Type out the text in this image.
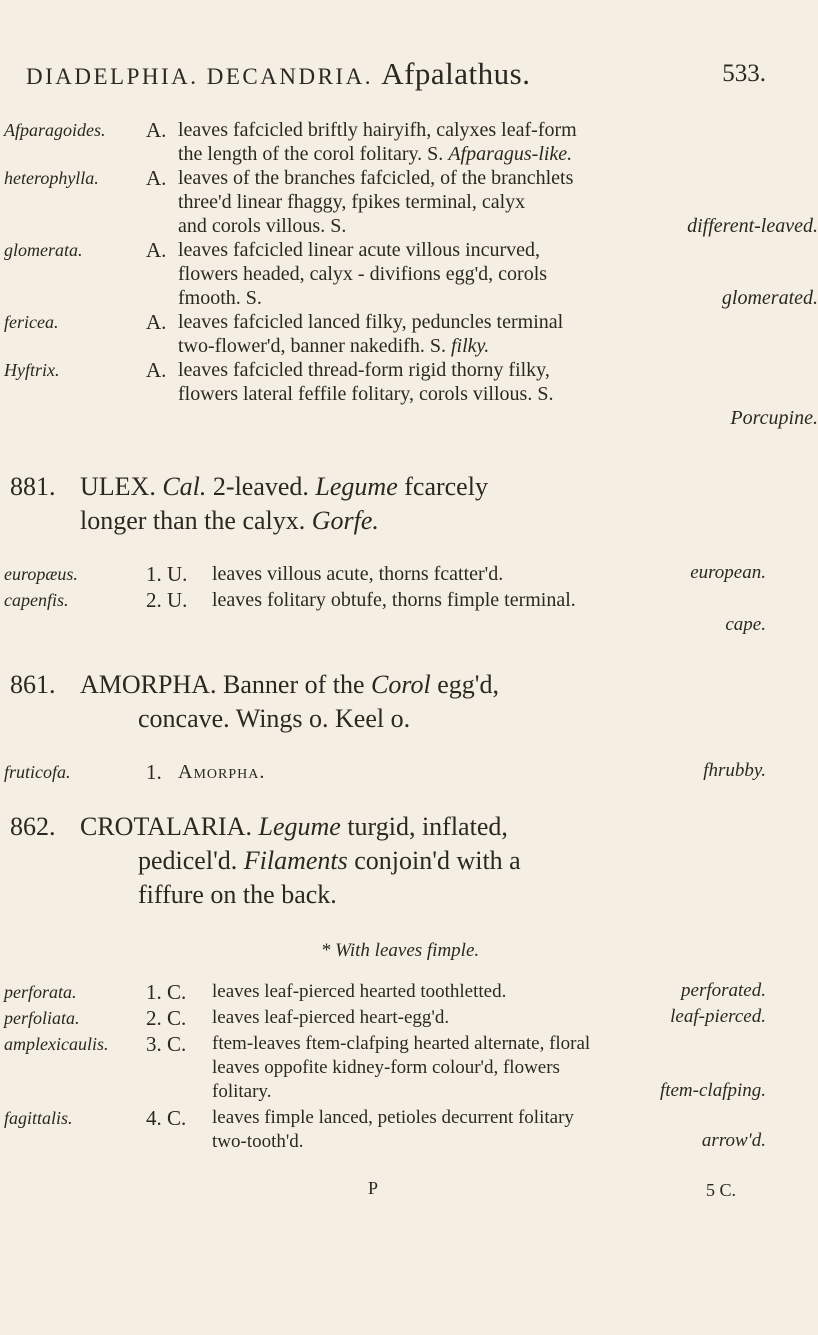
DIADELPHIA. DECANDRIA. Afpalathus.	533.
Afparagoides. A. leaves fafcicled briftly hairyifh, calyxes leaf-form
the length of the corol folitary. S. Afparagus-like.
heterophylla. A. leaves of the branches fafcicled, of the branchlets
three'd linear fhaggy, fpikes terminal, calyx
and corols villous. S.	different-leaved.
glomerata.	A. leaves fafcicled linear acute villous incurved,
flowers headed, calyx - divifions egg'd, corols
fmooth. S.	glomerated.
fericea.	A. leaves fafcicled lanced filky, peduncles terminal
two-flower'd, banner nakedifh. S. filky.
Hyftrix.	A. leaves fafcicled thread-form rigid thorny filky,
flowers lateral feffile folitary, corols villous. S.
Porcupine.

881. ULEX. Cal. 2-leaved. Legume fcarcely
longer than the calyx. Gorfe.
europæus.	1. U. leaves villous acute, thorns fcatter'd.	european.
capenfis.	2. U. leaves folitary obtufe, thorns fimple terminal.
cape.
861. AMORPHA. Banner of the Corol egg'd,
concave. Wings o. Keel o.
fruticofa.	1. Amorpha.	fhrubby.
862. CROTALARIA. Legume turgid, inflated,
pedicel'd. Filaments conjoin'd with a
fiffure on the back.
* With leaves fimple.
perforata.	1. C. leaves leaf-pierced hearted toothletted.	perforated.
perfoliata.	2. C. leaves leaf-pierced heart-egg'd.	leaf-pierced.
amplexicaulis. 3. C. ftem-leaves ftem-clafping hearted alternate, floral
leaves oppofite kidney-form colour'd, flowers
folitary.	ftem-clafping.
fagittalis.	4. C. leaves fimple lanced, petioles decurrent folitary
two-tooth'd.	arrow'd.
P	5 C.
